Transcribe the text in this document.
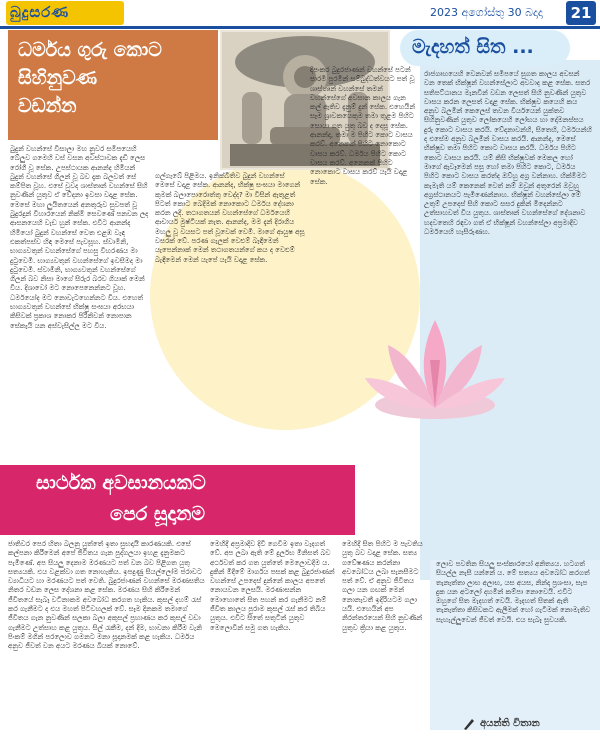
බුදුසරණ	2023 අගෝස්තු 30 බදාදා	21
ධර්මය ගුරු කොට
සිහිනුවණ
වඩන්න
මැදහත් සිත ...
බුදුන් වහන්සේ විසාලා මහ නුවර සමීපයෙහි බේලුව ගමෙහි වස් වසන අවස්ථාවක දැඩි ලෙස රෝගී වූ සේක. උපස්ථායක ආනන්ද හිමියන් බුදුන් වහන්සේ ගිලන් වූ බව දැක බලවත් සේ කම්පිත වූහ. එසේ වුවද ශාස්තෘන් වහන්සේ සිහි නුවණින් යුතුව ඒ වේදනා ඉවසා වදාළ සේක. මෙසේ මහා ලුයිතයෙන් අනතුරුව සුවපත් වූ බුදුරදුන් විහාරයෙන් නික්මී සෙවණේ පනවන ලද ආසනයෙහි වැඩ හුන් සේක. එවිට ආනන්ද හිමියෝ බුදුන් වහන්සේ වෙත එළඹ වැඳ එකත්පස්ව හිඳ මෙසේ පැවසූහ. ස්වාමීනි, භාග්‍යවතුන් වහන්සේගේ පහසු විහරණය මා දුටුවෙමි. භාග්‍යවතුන් වහන්සේගේ ඉවසීමද මා දුටුවෙමි. ස්වාමීනි, භාග්‍යවතුන් වහන්සේගේ ගිලන් බව නිසා මාගේ සිරුර බරව ගියාක් මෙන් විය. දිශාවෝ මට නොපෙනෙන්නට වූහ. ධර්මයෝද මට නොවැටහෙන්නට විය. එහෙත් භාග්‍යවතුන් වහන්සේ භික්ෂු සංඝයා අරභයා කිසිවක් ප්‍රකාශ නොකර පිරිනිවන් නොපාන සේකැයි යන අස්වැසිල්ල මට විය.
ගල්ගැබේ පිළිමය. ඉනික්බිතිව බුදුන් වහන්සේ මෙසේ වදාළ සේක. ආනන්ද, භික්ෂු සංඝයා මාගෙන් කුමක් බලාපොරොත්තු වෙද්ද? මා විසින් ඇතුළත් පිටත් කොට බෙදීමක් නොකොට ධර්මය දේශනා කරන ලදී. තථාගතයන් වහන්සේගේ ධර්මයෙහි ආචාර්ය මුෂ්ටියක් නැත. ආනන්ද, මම දැන් දිරාගිය මහලු වූ වයසට පත් වූවෙක් වෙමි. මාගේ ආයුෂ අසූ වසරක් වේ. පරණ ගැලක් වෙළුම් බැඳීමෙන් යැපෙන්නාක් මෙන් තථාගතයන්ගේ කය ද වෙළුම් බැඳීමෙන් මෙන් යැපේ යැයි වදාළ සේක.
දීපංකර බුදුරජාණන් වහන්සේ පටන් පාරමී පුරමින් සම්බුද්ධත්වයට පත් වූ ශාස්තෘන් වහන්සේ තමන් වහන්සේගේ අවසාන කාලය ගැන කල් ඇතිව දැනුම් දුන් සේක. එහෙයින් සෑම ශ්‍රාවකයෙකුම තමා තුළම පිහිට සොයා ගත යුතු බව ද දෙසූ සේක. ආනන්ද, තමා ම පිහිට කොට වාසය කරව්. අනෙකක් පිහිට නොකොට වාසය කරව්. ධර්මය පිහිට කොට වාසය කරව්. අනෙකක් පිහිට නොකොට වාසය කරව් යැයි වදාළ සේක.
රාජගෘහයෙහි වෙනවන් සමීපයේ සුගත කාලය අවසන් වන තෙක් භික්ෂූන් වහන්සේලාට අවවාද කළ සේක. සතර සතිපට්ඨානය මැනවින් වඩන ලෙසත් සිහි නුවණින් යුතුව වාසය කරන ලෙසත් වදාළ සේක. භික්ෂුව කයෙහි කය අනුව බලමින් කෙලෙස් තවන වීර්යයෙන් යුක්තව සිහිනුවණින් යුතුව ලෝකයෙහි ලෝභය හා දෝමනස්සය දුරු කොට වාසය කරයි. වේදනාවන්හි, සිතෙහි, ධර්මයන්හි ද එසේම අනුව බලමින් වාසය කරයි. ආනන්ද, මෙසේ භික්ෂුව තමා පිහිට කොට වාසය කරයි. ධර්මය පිහිට කොට වාසය කරයි. යම් කිසි භික්ෂුවක් මෙකල හෝ මාගේ ඇවෑමෙන් පසු හෝ තමා පිහිට කොට, ධර්මය පිහිට කොට වාසය කරත්ද ඔව්හු අග්‍ර වන්නාහ. හික්මීමට කැමැති යම් කෙනෙක් වෙත් නම් ඔවුන් අතුරෙන් ඔවුහු අග්‍රස්ථානයට පැමිණෙන්නාහ. භික්ෂූන් වහන්සේලා මේ උතුම් උපදෙස් සිහි කොට සසර දුකින් මිදෙන්නට උත්සාහවත් විය යුතුය. ශාස්තෘන් වහන්සේගේ දේශනාව හදවතෙහි රඳවා ගත් ඒ භික්ෂූන් වහන්සේලා අප්‍රමාදීව ධර්මයෙහි හැසිරුණහ.
ලොව පවතින සියලු සංස්කාරයෝ අනිත්‍යය. හටගත් සියල්ල නැසී යන්නේ ය. මේ සත්‍යය අවබෝධ කරගත් තැනැත්තා ලාභ අලාභ, යස අයස, නින්දා ප්‍රශංසා, සැප දුක යන අටලෝ දහමින් කම්පා නොවෙයි. එවිට ඔහුගේ සිත මැදහත් වෙයි. මැදහත් සිතක් ඇති තැනැත්තා කිසිවකට ඇලීමක් හෝ ගැටීමක් නොමැතිව සැහැල්ලුවෙන් ජීවත් වෙයි. එය සැබෑ සුවයකි.
සාර්ථක අවසානයකට
පෙර සූදානම
ජාතිවර පෙර හිතා බලනු යුත්තේ ඉතා සුභදායී කාරණයකි. එසේ කල්පනා කිරීමෙන් අපේ ජීවිතය ගැන පුද්ගලයා ඉහළ දැනුමකට පැමිණේ. අප සියලු දෙනාම මරණයට පත් වන බව පිළිගත යුතු සත්‍යයකි. එය වළක්වා ගත නොහැකිය. ඉපදුණු සියල්ලෝම ජරාවට ව්‍යාධියට හා මරණයට පත් වෙති. බුදුරජාණන් වහන්සේ මරණසතිය නිතර වඩන ලෙස දේශනා කළ සේක. මරණය සිහි කිරීමෙන් ජීවිතයේ සැබෑ වටිනාකම අවබෝධ කරගත හැකිය. කුසල් දහම් රැස් කර ගැනීමට ද එය මහත් පිටිවහලක් වේ. සෑම දිනකම තමාගේ ජීවිතය ගැන නුවණින් සලකා බලා අකුසල් ප්‍රහාණය කර කුසල් වඩා ගැනීමට උත්සාහ කළ යුතුය. සිල් රැකීම, දන් දීම, භාවනා කිරීම වැනි පිංකම් මගින් පරලොව ගමනට මනා සූදානමක් කළ හැකිය. ධර්මය අනුව ජීවත් වන අයට මරණය බියක් නොවේ.
මෙහිදී අප්‍රමාදීව දිවි ගෙවීම ඉතා වැදගත් වේ. අප ලබා ඇති මේ දුර්ලභ මිනිසත් බව අර්ථවත් කර ගත යුත්තේ මෙලොවදීම ය. දුකින් මිදීමේ මාර්ගය පසක් කළ බුදුරජාණන් වහන්සේ උපදෙස් දුන්නේ කාලය අපතේ නොයවන ලෙසයි. මරණාසන්න මොහොතේ සිත පහන් කර ගැනීමට නම් ජීවිත කාලය පුරාම කුසල් රැස් කර තිබිය යුතුය. එවිට සිතේ සතුටින් යුතුව මෙලොවින් සමු ගත හැකිය.
මෙහිදී සිත පිහිට ම පැවතිය යුතු බව වදාළ සේක. සත්‍ය ගවේෂණය කරන්නා අවබෝධය ලබා සැනසීමට පත් වේ. ඒ අනුව ජීවිතය ගලා යන ගඟක් මෙන් නොනැවතී ඉදිරියටම ගලා යයි. එහෙයින් අප නිරන්තරයෙන් සිහි නුවණින් යුතුව ක්‍රියා කළ යුතුය.
අයන්ති විතාන
